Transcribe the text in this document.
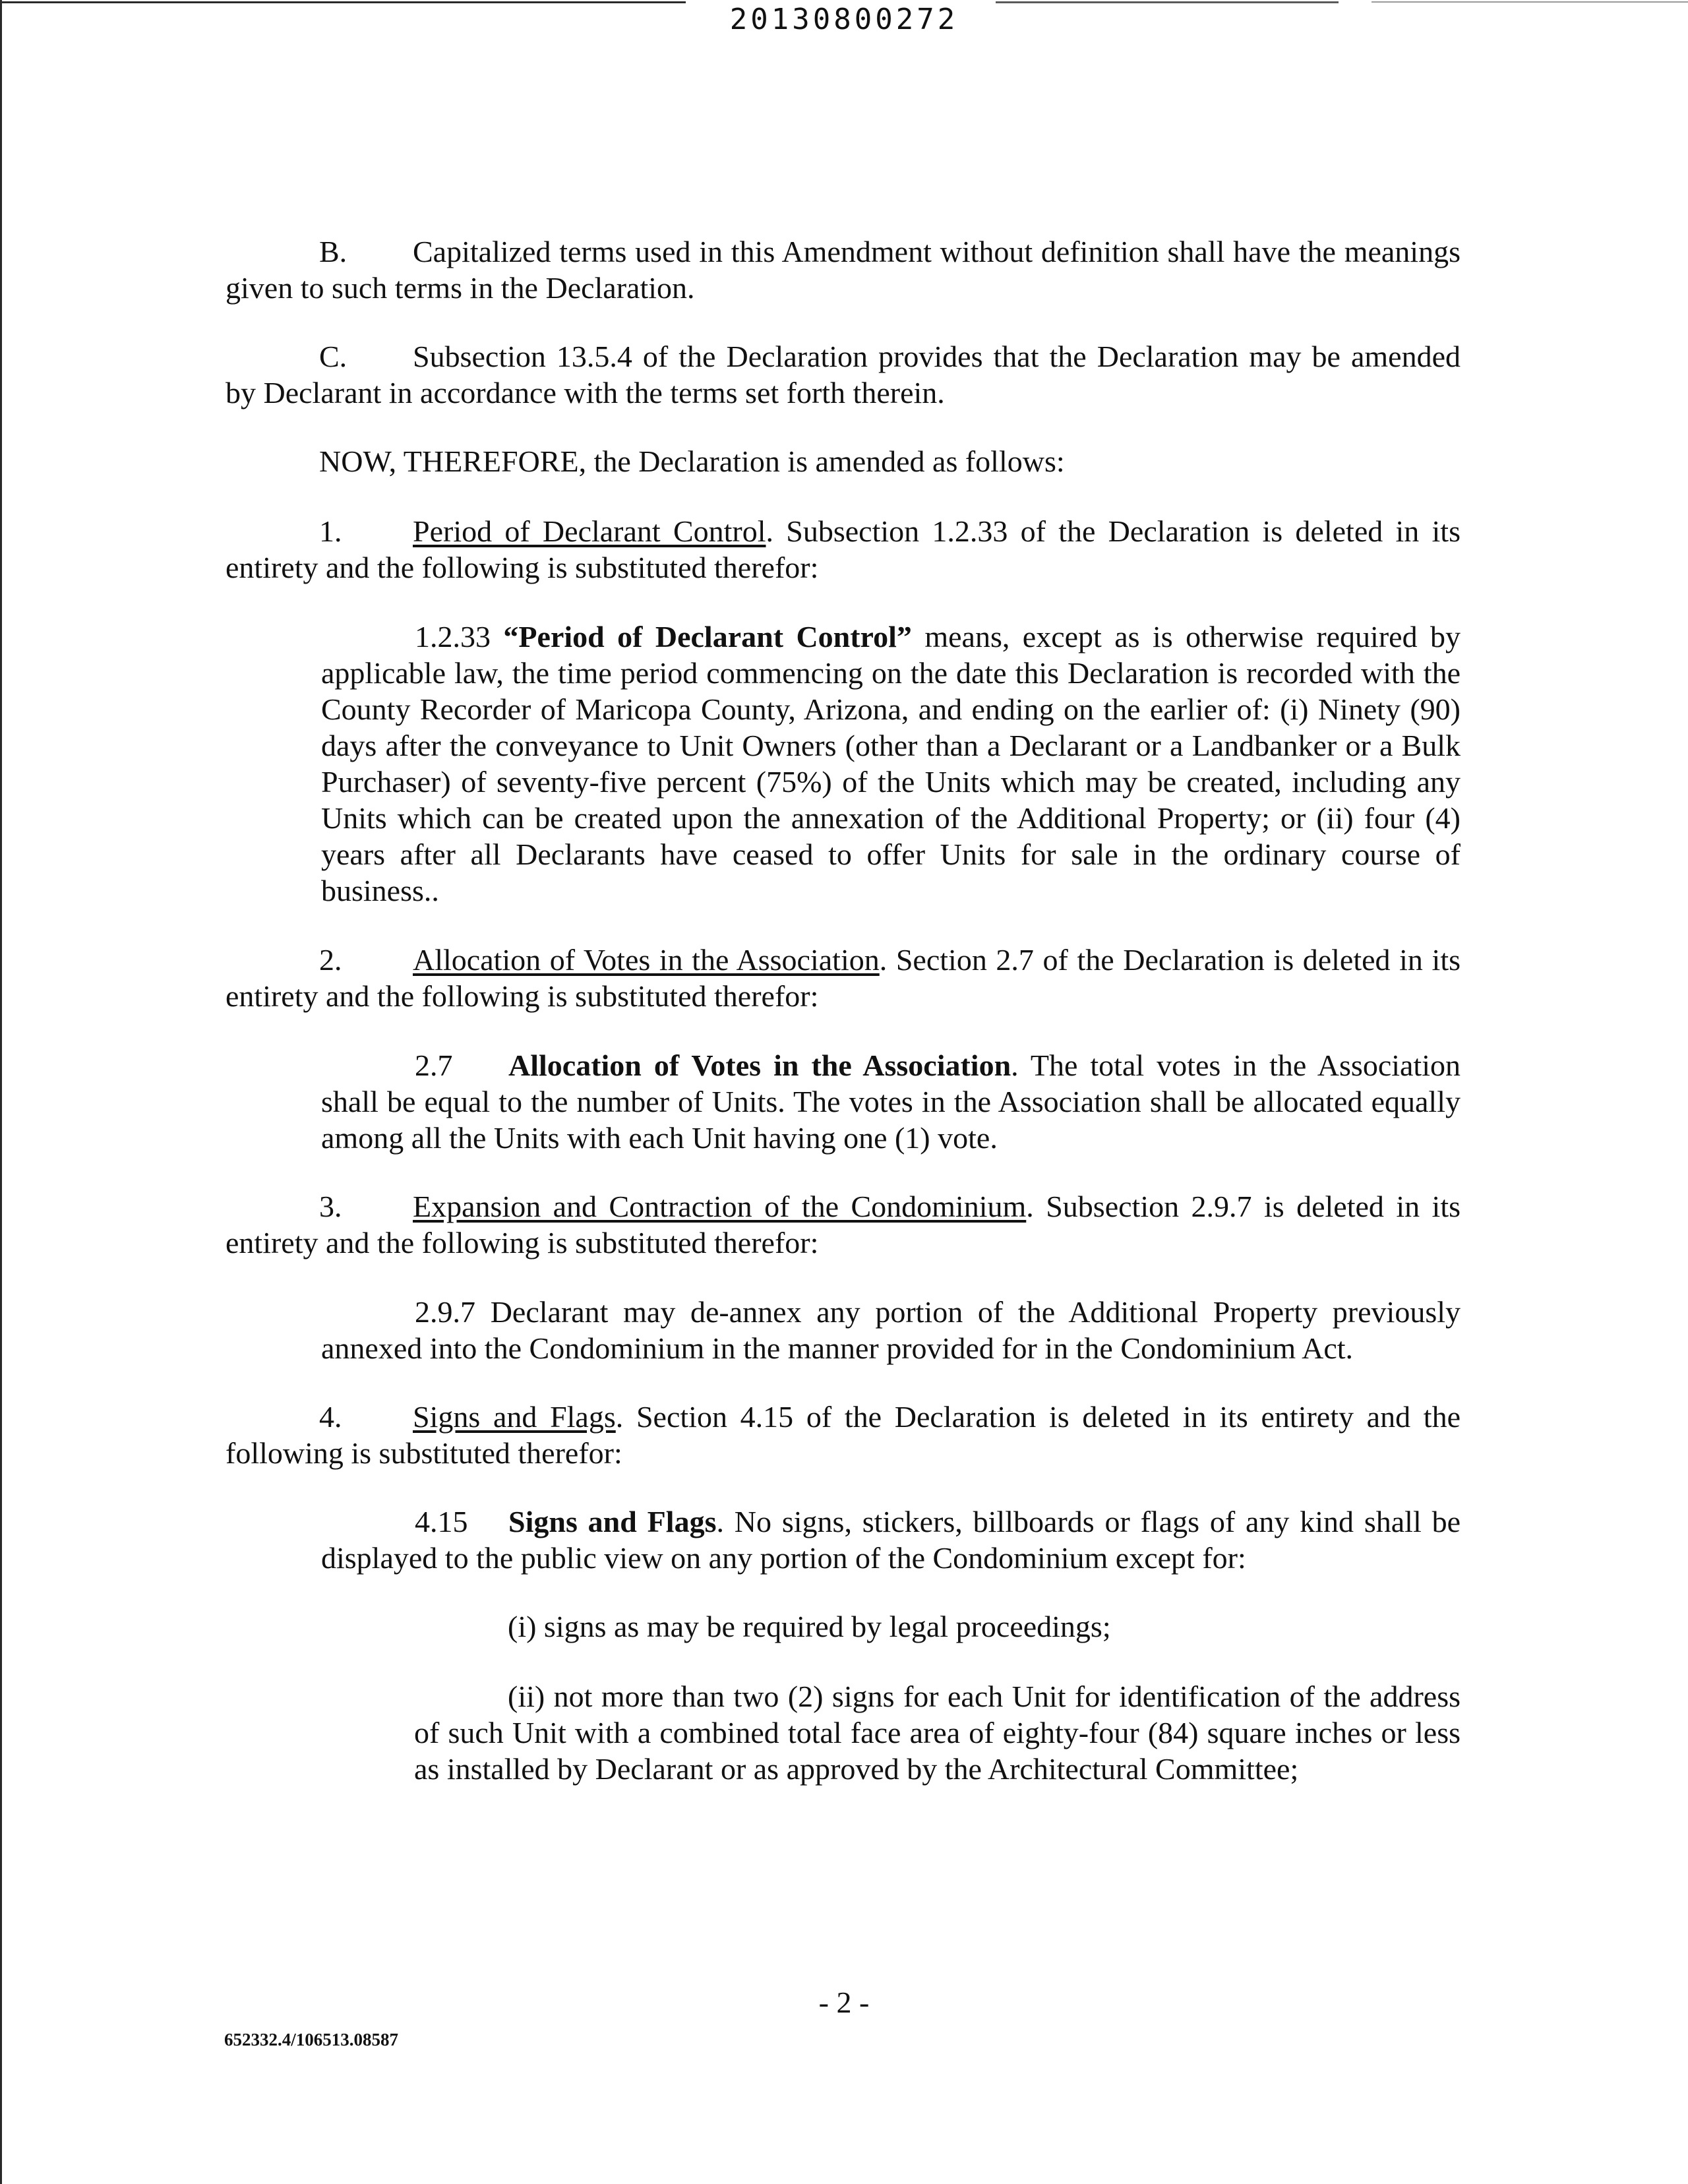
20130800272

B. Capitalized terms used in this Amendment without definition shall have the meanings given to such terms in the Declaration.

C. Subsection 13.5.4 of the Declaration provides that the Declaration may be amended by Declarant in accordance with the terms set forth therein.

NOW, THEREFORE, the Declaration is amended as follows:

1. Period of Declarant Control. Subsection 1.2.33 of the Declaration is deleted in its entirety and the following is substituted therefor:

1.2.33 “Period of Declarant Control” means, except as is otherwise required by applicable law, the time period commencing on the date this Declaration is recorded with the County Recorder of Maricopa County, Arizona, and ending on the earlier of: (i) Ninety (90) days after the conveyance to Unit Owners (other than a Declarant or a Landbanker or a Bulk Purchaser) of seventy-five percent (75%) of the Units which may be created, including any Units which can be created upon the annexation of the Additional Property; or (ii) four (4) years after all Declarants have ceased to offer Units for sale in the ordinary course of business..

2. Allocation of Votes in the Association. Section 2.7 of the Declaration is deleted in its entirety and the following is substituted therefor:

2.7 Allocation of Votes in the Association. The total votes in the Association shall be equal to the number of Units. The votes in the Association shall be allocated equally among all the Units with each Unit having one (1) vote.

3. Expansion and Contraction of the Condominium. Subsection 2.9.7 is deleted in its entirety and the following is substituted therefor:

2.9.7 Declarant may de-annex any portion of the Additional Property previously annexed into the Condominium in the manner provided for in the Condominium Act.

4. Signs and Flags. Section 4.15 of the Declaration is deleted in its entirety and the following is substituted therefor:

4.15 Signs and Flags. No signs, stickers, billboards or flags of any kind shall be displayed to the public view on any portion of the Condominium except for:

(i) signs as may be required by legal proceedings;

(ii) not more than two (2) signs for each Unit for identification of the address of such Unit with a combined total face area of eighty-four (84) square inches or less as installed by Declarant or as approved by the Architectural Committee;

- 2 -
652332.4/106513.08587
